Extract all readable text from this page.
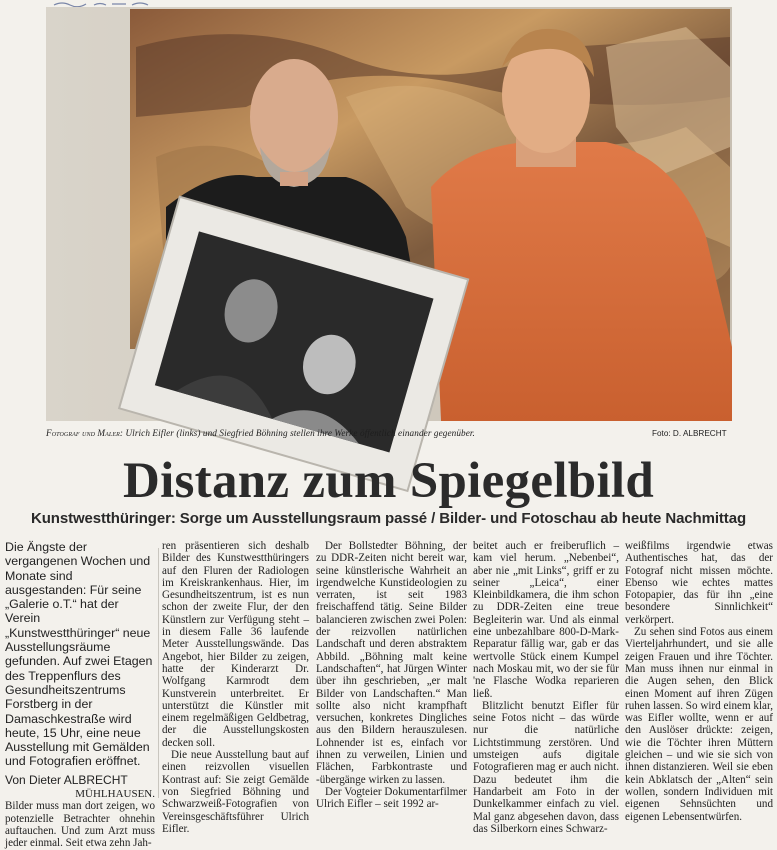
Fotograf und Maler: Ulrich Eifler (links) und Siegfried Böhning stellen ihre Werke öffentlich einander gegenüber.	Foto: D. ALBRECHT
Distanz zum Spiegelbild
Kunstwestthüringer: Sorge um Ausstellungsraum passé / Bilder- und Fotoschau ab heute Nachmittag

Die Ängste der vergangenen Wochen und Monate sind ausgestanden: Für seine „Galerie o.T.“ hat der Verein „Kunstwestthüringer“ neue Ausstellungsräume gefunden. Auf zwei Etagen des Treppenflurs des Gesundheitszentrums Forstberg in der Damaschkestraße wird heute, 15 Uhr, eine neue Ausstellung mit Gemälden und Fotografien eröffnet.

Von Dieter ALBRECHT

MÜHLHAUSEN.

Bilder muss man dort zeigen, wo potenzielle Betrachter ohnehin auftauchen. Und zum Arzt muss jeder einmal. Seit etwa zehn Jah-

ren präsentieren sich deshalb Bilder des Kunstwestthüringers auf den Fluren der Radiologen im Kreiskrankenhaus. Hier, im Gesundheitszentrum, ist es nun schon der zweite Flur, der den Künstlern zur Verfügung steht – in diesem Falle 36 laufende Meter Ausstellungswände. Das Angebot, hier Bilder zu zeigen, hatte der Kinderarzt Dr. Wolfgang Karmrodt dem Kunstverein unterbreitet. Er unterstützt die Künstler mit einem regelmäßigen Geldbetrag, der die Ausstellungskosten decken soll.

Die neue Ausstellung baut auf einen reizvollen visuellen Kontrast auf: Sie zeigt Gemälde von Siegfried Böhning und Schwarzweiß-Fotografien von Vereinsgeschäftsführer Ulrich Eifler.

Der Bollstedter Böhning, der zu DDR-Zeiten nicht bereit war, seine künstlerische Wahrheit an irgendwelche Kunstideologien zu verraten, ist seit 1983 freischaffend tätig. Seine Bilder balancieren zwischen zwei Polen: der reizvollen natürlichen Landschaft und deren abstraktem Abbild. „Böhning malt keine Landschaften“, hat Jürgen Winter über ihn geschrieben, „er malt Bilder von Landschaften.“ Man sollte also nicht krampfhaft versuchen, konkretes Dingliches aus den Bildern herauszulesen. Lohnender ist es, einfach vor ihnen zu verweilen, Linien und Flächen, Farbkontraste und -übergänge wirken zu lassen.

Der Vogteier Dokumentarfilmer Ulrich Eifler – seit 1992 ar-

beitet auch er freiberuflich – kam viel herum. „Nebenbei“, aber nie „mit Links“, griff er zu seiner „Leica“, einer Kleinbildkamera, die ihm schon zu DDR-Zeiten eine treue Begleiterin war. Und als einmal eine unbezahlbare 800-D-Mark-Reparatur fällig war, gab er das wertvolle Stück einem Kumpel nach Moskau mit, wo der sie für 'ne Flasche Wodka reparieren ließ.

Blitzlicht benutzt Eifler für seine Fotos nicht – das würde nur die natürliche Lichtstimmung zerstören. Und umsteigen aufs digitale Fotografieren mag er auch nicht. Dazu bedeutet ihm die Handarbeit am Foto in der Dunkelkammer einfach zu viel. Mal ganz abgesehen davon, dass das Silberkorn eines Schwarz-

weißfilms irgendwie etwas Authentisches hat, das der Fotograf nicht missen möchte. Ebenso wie echtes mattes Fotopapier, das für ihn „eine besondere Sinnlichkeit“ verkörpert.

Zu sehen sind Fotos aus einem Vierteljahrhundert, und sie alle zeigen Frauen und ihre Töchter. Man muss ihnen nur einmal in die Augen sehen, den Blick einen Moment auf ihren Zügen ruhen lassen. So wird einem klar, was Eifler wollte, wenn er auf den Auslöser drückte: zeigen, wie die Töchter ihren Müttern gleichen – und wie sie sich von ihnen distanzieren. Weil sie eben kein Abklatsch der „Alten“ sein wollen, sondern Individuen mit eigenen Sehnsüchten und eigenen Lebensentwürfen.
